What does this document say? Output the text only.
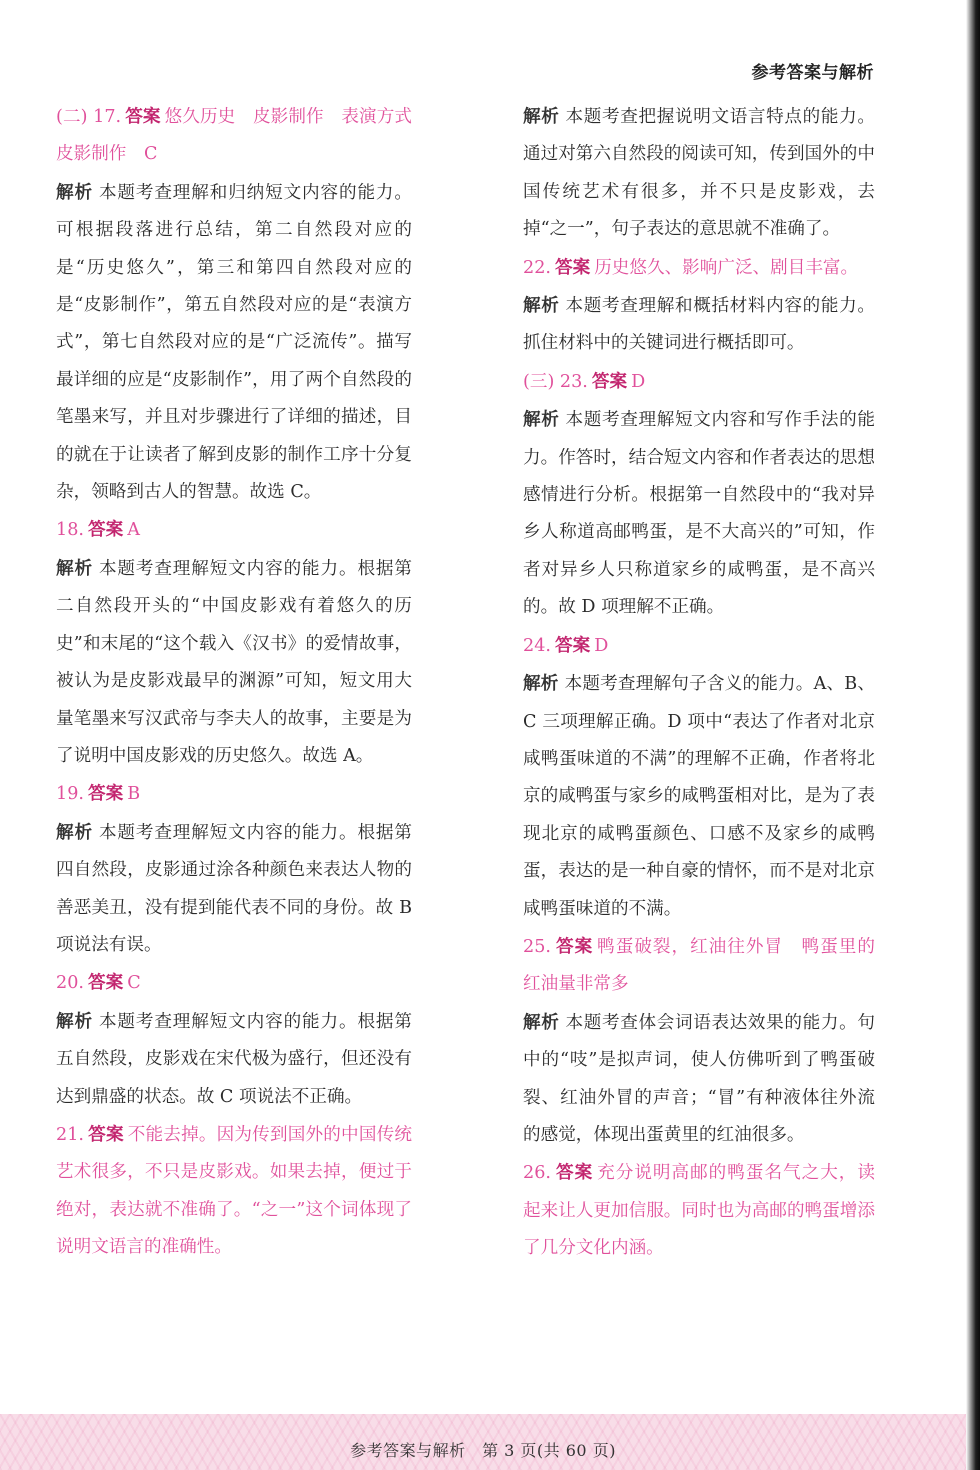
参考答案与解析

(二) 17. 答案 悠久历史　皮影制作　表演方式　皮影制作　C

解析 本题考查理解和归纳短文内容的能力。可根据段落进行总结，第二自然段对应的是“历史悠久”，第三和第四自然段对应的是“皮影制作”，第五自然段对应的是“表演方式”，第七自然段对应的是“广泛流传”。描写最详细的应是“皮影制作”，用了两个自然段的笔墨来写，并且对步骤进行了详细的描述，目的就在于让读者了解到皮影的制作工序十分复杂，领略到古人的智慧。故选 C。

18. 答案 A

解析 本题考查理解短文内容的能力。根据第二自然段开头的“中国皮影戏有着悠久的历史”和末尾的“这个载入《汉书》的爱情故事，被认为是皮影戏最早的渊源”可知，短文用大量笔墨来写汉武帝与李夫人的故事，主要是为了说明中国皮影戏的历史悠久。故选 A。

19. 答案 B

解析 本题考查理解短文内容的能力。根据第四自然段，皮影通过涂各种颜色来表达人物的善恶美丑，没有提到能代表不同的身份。故 B 项说法有误。

20. 答案 C

解析 本题考查理解短文内容的能力。根据第五自然段，皮影戏在宋代极为盛行，但还没有达到鼎盛的状态。故 C 项说法不正确。

21. 答案 不能去掉。因为传到国外的中国传统艺术很多，不只是皮影戏。如果去掉，便过于绝对，表达就不准确了。“之一”这个词体现了说明文语言的准确性。

解析 本题考查把握说明文语言特点的能力。通过对第六自然段的阅读可知，传到国外的中国传统艺术有很多，并不只是皮影戏，去掉“之一”，句子表达的意思就不准确了。

22. 答案 历史悠久、影响广泛、剧目丰富。

解析 本题考查理解和概括材料内容的能力。抓住材料中的关键词进行概括即可。

(三) 23. 答案 D

解析 本题考查理解短文内容和写作手法的能力。作答时，结合短文内容和作者表达的思想感情进行分析。根据第一自然段中的“我对异乡人称道高邮鸭蛋，是不大高兴的”可知，作者对异乡人只称道家乡的咸鸭蛋，是不高兴的。故 D 项理解不正确。

24. 答案 D

解析 本题考查理解句子含义的能力。A、B、C 三项理解正确。D 项中“表达了作者对北京咸鸭蛋味道的不满”的理解不正确，作者将北京的咸鸭蛋与家乡的咸鸭蛋相对比，是为了表现北京的咸鸭蛋颜色、口感不及家乡的咸鸭蛋，表达的是一种自豪的情怀，而不是对北京咸鸭蛋味道的不满。

25. 答案 鸭蛋破裂，红油往外冒　鸭蛋里的红油量非常多

解析 本题考查体会词语表达效果的能力。句中的“吱”是拟声词，使人仿佛听到了鸭蛋破裂、红油外冒的声音；“冒”有种液体往外流的感觉，体现出蛋黄里的红油很多。

26. 答案 充分说明高邮的鸭蛋名气之大，读起来让人更加信服。同时也为高邮的鸭蛋增添了几分文化内涵。

参考答案与解析　第 3 页(共 60 页)
